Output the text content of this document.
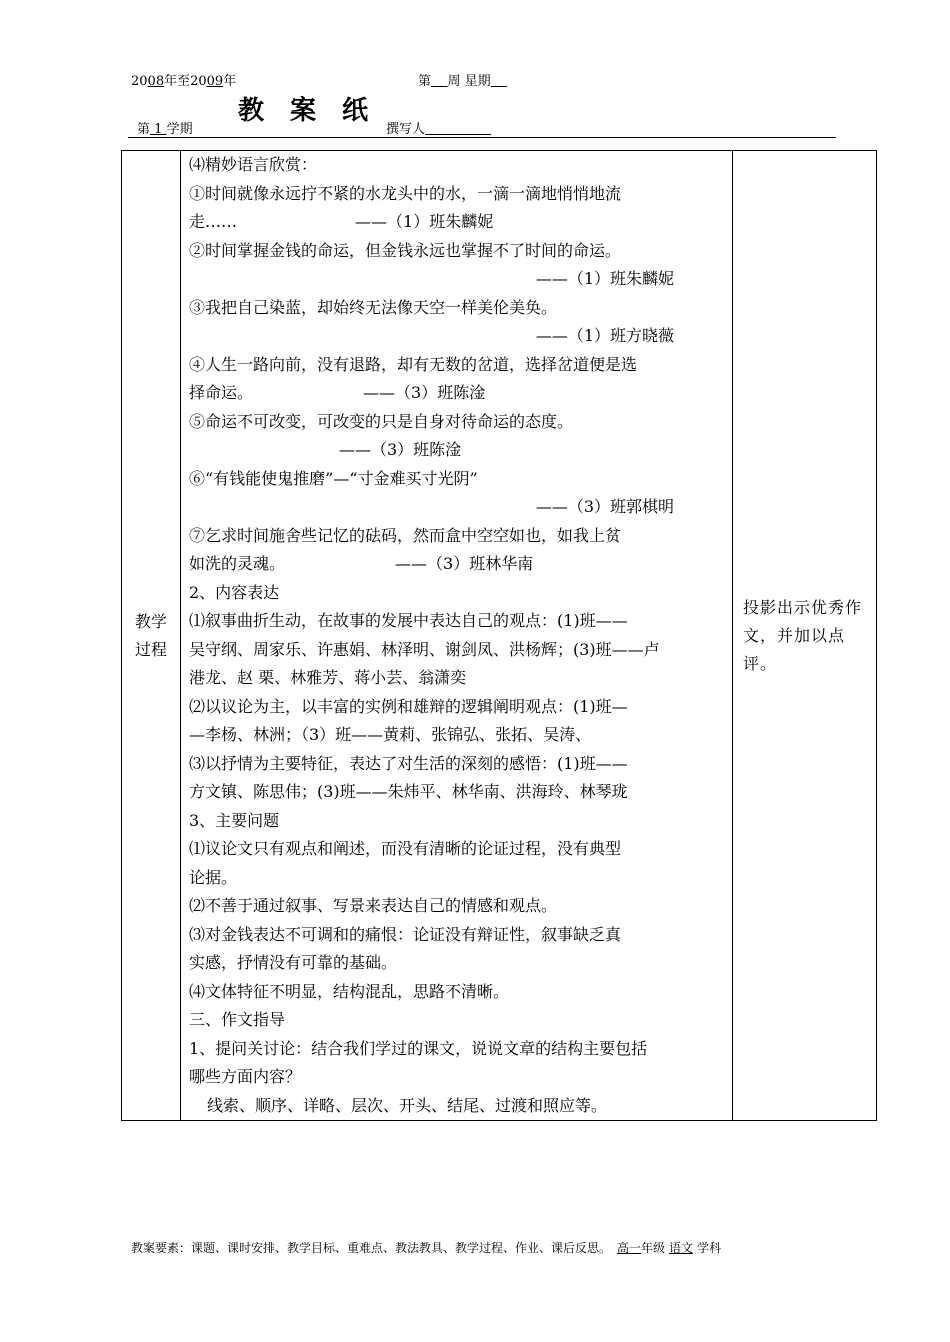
2008年至2009年	第 周 星期
教案纸
第 1 学期	撰写人
教学过程

⑷精妙语言欣赏：
①时间就像永远拧不紧的水龙头中的水，一滴一滴地悄悄地流
走……	——（1）班朱麟妮
②时间掌握金钱的命运，但金钱永远也掌握不了时间的命运。
——（1）班朱麟妮
③我把自己染蓝，却始终无法像天空一样美伦美奂。
——（1）班方晓薇
④人生一路向前，没有退路，却有无数的岔道，选择岔道便是选
择命运。	——（3）班陈淦
⑤命运不可改变，可改变的只是自身对待命运的态度。
——（3）班陈淦
⑥“有钱能使鬼推磨”—“寸金难买寸光阴”
——（3）班郭棋明
⑦乞求时间施舍些记忆的砝码，然而盒中空空如也，如我上贫
如洗的灵魂。	——（3）班林华南
2、内容表达
⑴叙事曲折生动，在故事的发展中表达自己的观点：(1)班——
吴守纲、周家乐、许惠娟、林泽明、谢剑凤、洪杨辉；(3)班——卢
港龙、赵 栗、林雅芳、蒋小芸、翁潇奕
⑵以议论为主，以丰富的实例和雄辩的逻辑阐明观点：(1)班—
—李杨、林洲；（3）班——黄莉、张锦弘、张拓、吴涛、
⑶以抒情为主要特征，表达了对生活的深刻的感悟：(1)班——
方文镇、陈思伟；(3)班——朱炜平、林华南、洪海玲、林琴珑
3、主要问题
⑴议论文只有观点和阐述，而没有清晰的论证过程，没有典型
论据。
⑵不善于通过叙事、写景来表达自己的情感和观点。
⑶对金钱表达不可调和的痛恨：论证没有辩证性，叙事缺乏真
实感，抒情没有可靠的基础。
⑷文体特征不明显，结构混乱，思路不清晰。
三、作文指导
1、提问关讨论：结合我们学过的课文，说说文章的结构主要包括
哪些方面内容？
线索、顺序、详略、层次、开头、结尾、过渡和照应等。

投影出示优秀作文，并加以点评。
教案要素：课题、课时安排、教学目标、重难点、教法教具、教学过程、作业、课后反思。 高一年级 语文 学科
